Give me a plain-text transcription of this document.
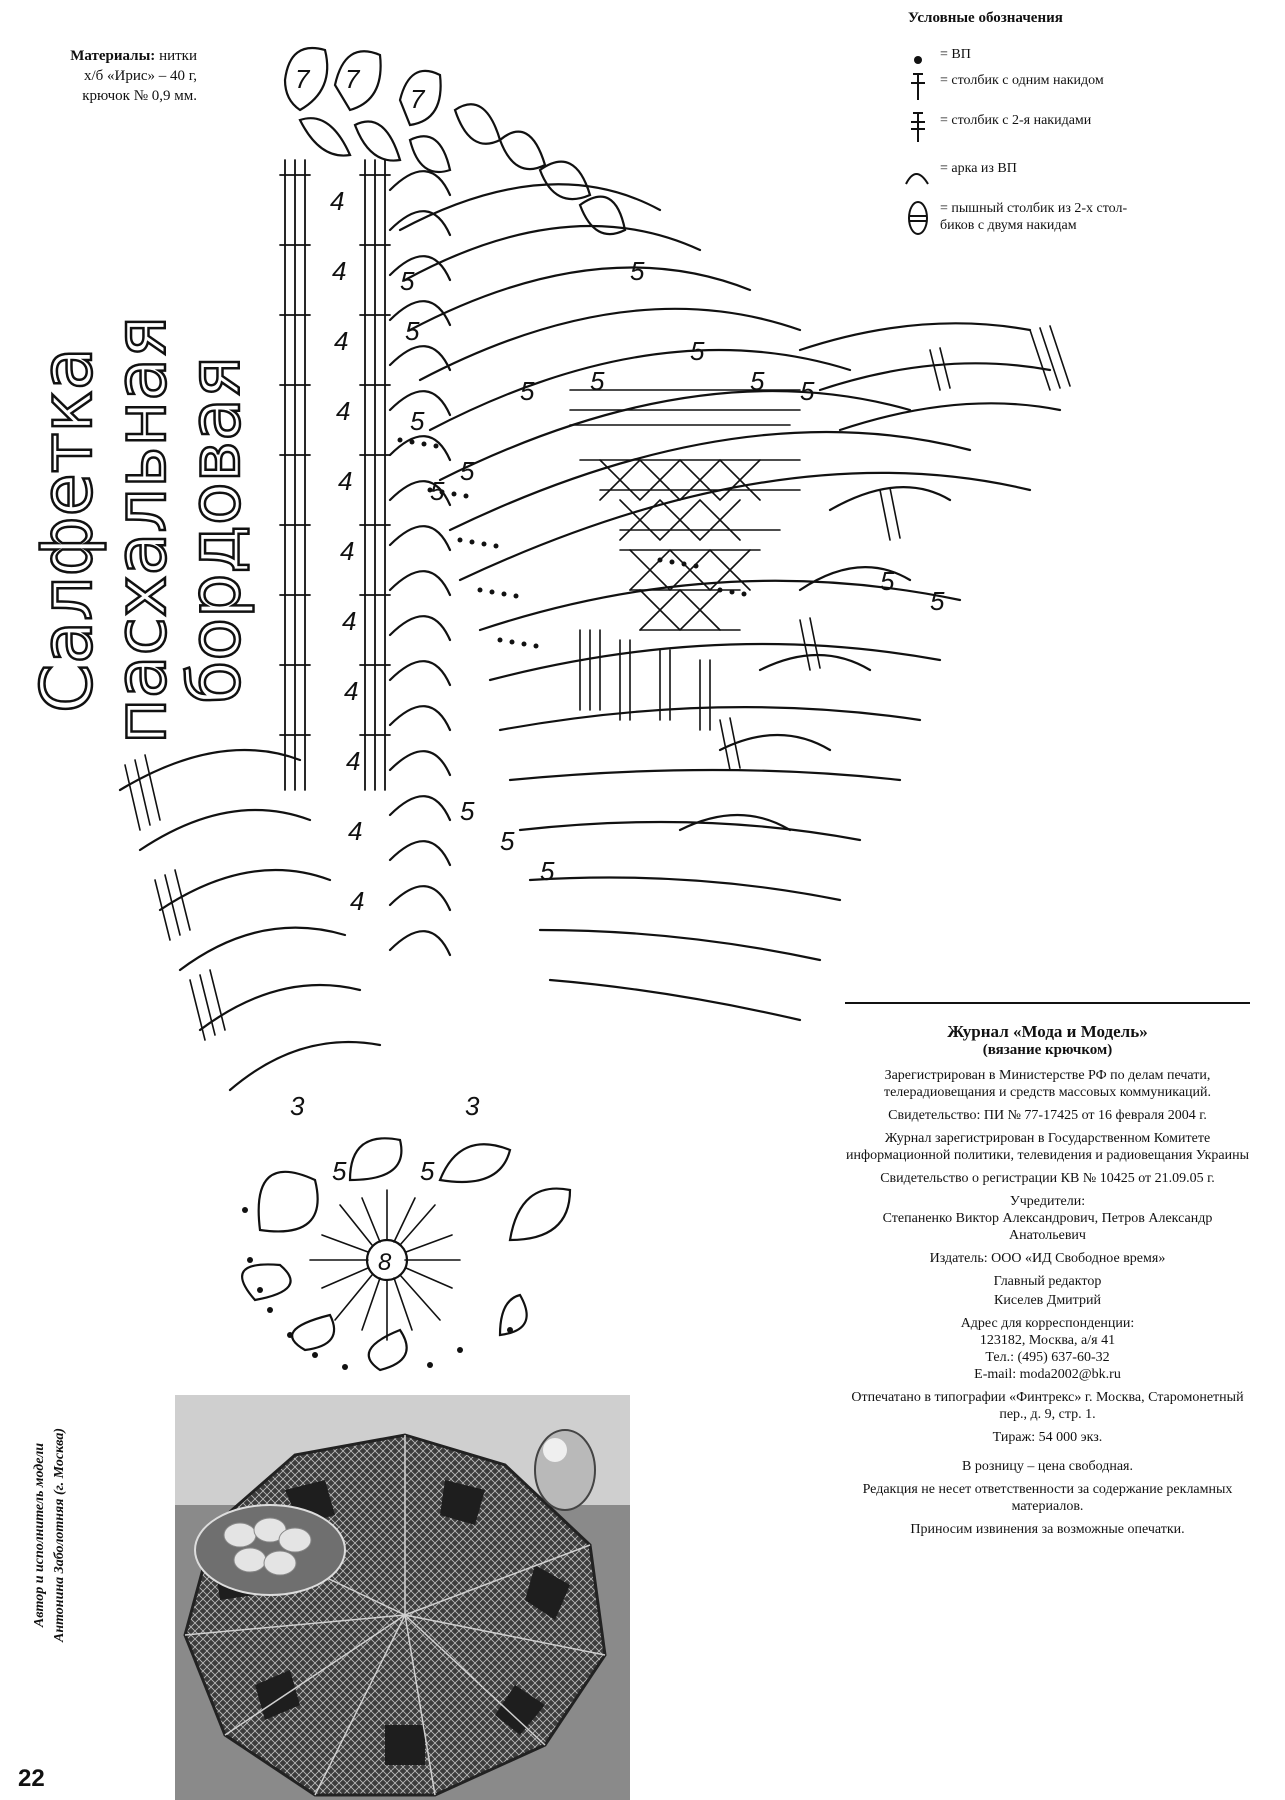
Материалы: нитки
х/б «Ирис» – 40 г,
крючок № 0,9 мм.
Салфетка
пасхальная
бордовая
Условные обозначения
= ВП
= столбик с одним накидом
= столбик с 2-я накидами
= арка из ВП
= пышный столбик из 2-х стол-
биков с двумя накидам
8
5	5
3	3
7 7
7
4
4
4
4
4
4
4
4
4
4
4
5
5
5
5
5
5 5
5
5
5 5
5
5
5
5
5
Автор и исполнитель модели Антонина Заболотняя (г. Москва)
22
Журнал «Мода и Модель»
(вязание крючком)

Зарегистрирован в Министерстве РФ по делам печати, телерадиовещания и средств массовых коммуникаций.

Свидетельство: ПИ № 77-17425 от 16 февраля 2004 г.

Журнал зарегистрирован в Государственном Комитете информационной политики, телевидения и радиовещания Украины

Свидетельство о регистрации КВ № 10425 от 21.09.05 г.

Учредители:

Степаненко Виктор Александрович, Петров Александр Анатольевич

Издатель: ООО «ИД Свободное время»

Главный редактор

Киселев Дмитрий

Адрес для корреспонденции:

123182, Москва, а/я 41

Тел.: (495) 637-60-32

E-mail: moda2002@bk.ru

Отпечатано в типографии «Финтрекс» г. Москва, Старомонетный пер., д. 9, стр. 1.

Тираж: 54 000 экз.

В розницу – цена свободная.

Редакция не несет ответственности за содержание рекламных материалов.

Приносим извинения за возможные опечатки.
